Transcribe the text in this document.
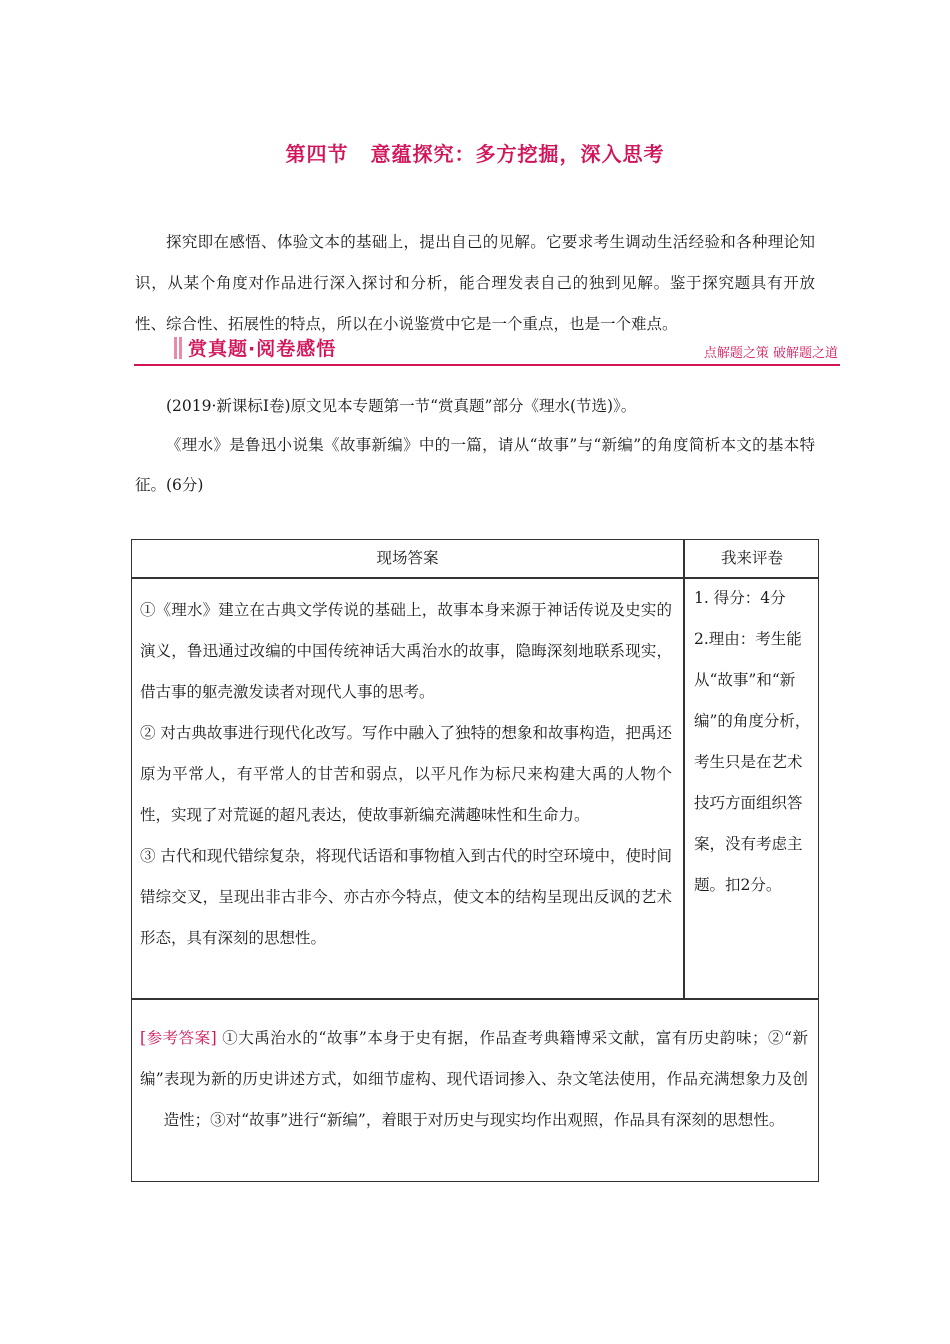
第四节 意蕴探究：多方挖掘，深入思考

探究即在感悟、体验文本的基础上，提出自己的见解。它要求考生调动生活经验和各种理论知识，从某个角度对作品进行深入探讨和分析，能合理发表自己的独到见解。鉴于探究题具有开放性、综合性、拓展性的特点，所以在小说鉴赏中它是一个重点，也是一个难点。

赏真题·阅卷感悟	点解题之策 破解题之道

(2019·新课标Ⅰ卷)原文见本专题第一节“赏真题”部分《理水(节选)》。

《理水》是鲁迅小说集《故事新编》中的一篇，请从“故事”与“新编”的角度简析本文的基本特征。(6分)

现场答案	我来评卷

①《理水》建立在古典文学传说的基础上，故事本身来源于神话传说及史实的演义，鲁迅通过改编的中国传统神话大禹治水的故事，隐晦深刻地联系现实，借古事的躯壳激发读者对现代人事的思考。

② 对古典故事进行现代化改写。写作中融入了独特的想象和故事构造，把禹还原为平常人，有平常人的甘苦和弱点，以平凡作为标尺来构建大禹的人物个性，实现了对荒诞的超凡表达，使故事新编充满趣味性和生命力。

③ 古代和现代错综复杂，将现代话语和事物植入到古代的时空环境中，使时间错综交叉，呈现出非古非今、亦古亦今特点，使文本的结构呈现出反讽的艺术形态，具有深刻的思想性。

1. 得分：4分

2.理由：考生能从“故事”和“新编”的角度分析，考生只是在艺术技巧方面组织答案，没有考虑主题。扣2分。

[参考答案] ①大禹治水的“故事”本身于史有据，作品查考典籍博采文献，富有历史韵味；②“新编”表现为新的历史讲述方式，如细节虚构、现代语词掺入、杂文笔法使用，作品充满想象力及创造性；③对“故事”进行“新编”，着眼于对历史与现实均作出观照，作品具有深刻的思想性。
